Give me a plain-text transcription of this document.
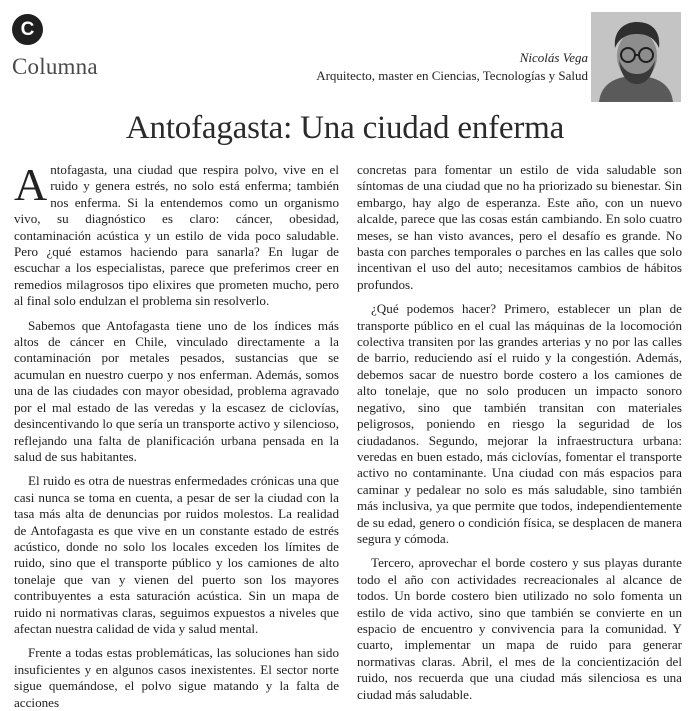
C
Columna	Nicolás Vega
Arquitecto, master en Ciencias, Tecnologías y Salud
Antofagasta: Una ciudad enferma

Antofagasta, una ciudad que respira polvo, vive en el ruido y genera estrés, no solo está enferma; también nos enferma. Si la entendemos como un organismo vivo, su diagnóstico es claro: cáncer, obesidad, contaminación acústica y un estilo de vida poco saludable. Pero ¿qué estamos haciendo para sanarla? En lugar de escuchar a los especialistas, parece que preferimos creer en remedios milagrosos tipo elixires que prometen mucho, pero al final solo endulzan el problema sin resolverlo.

Sabemos que Antofagasta tiene uno de los índices más altos de cáncer en Chile, vinculado directamente a la contaminación por metales pesados, sustancias que se acumulan en nuestro cuerpo y nos enferman. Además, somos una de las ciudades con mayor obesidad, problema agravado por el mal estado de las veredas y la escasez de ciclovías, desincentivando lo que sería un transporte activo y silencioso, reflejando una falta de planificación urbana pensada en la salud de sus habitantes.

El ruido es otra de nuestras enfermedades crónicas una que casi nunca se toma en cuenta, a pesar de ser la ciudad con la tasa más alta de denuncias por ruidos molestos. La realidad de Antofagasta es que vive en un constante estado de estrés acústico, donde no solo los locales exceden los límites de ruido, sino que el transporte público y los camiones de alto tonelaje que van y vienen del puerto son los mayores contribuyentes a esta saturación acústica. Sin un mapa de ruido ni normativas claras, seguimos expuestos a niveles que afectan nuestra calidad de vida y salud mental.

Frente a todas estas problemáticas, las soluciones han sido insuficientes y en algunos casos inexistentes. El sector norte sigue quemándose, el polvo sigue matando y la falta de acciones

concretas para fomentar un estilo de vida saludable son síntomas de una ciudad que no ha priorizado su bienestar. Sin embargo, hay algo de esperanza. Este año, con un nuevo alcalde, parece que las cosas están cambiando. En solo cuatro meses, se han visto avances, pero el desafío es grande. No basta con parches temporales o parches en las calles que solo incentivan el uso del auto; necesitamos cambios de hábitos profundos.

¿Qué podemos hacer? Primero, establecer un plan de transporte público en el cual las máquinas de la locomoción colectiva transiten por las grandes arterias y no por las calles de barrio, reduciendo así el ruido y la congestión. Además, debemos sacar de nuestro borde costero a los camiones de alto tonelaje, que no solo producen un impacto sonoro negativo, sino que también transitan con materiales peligrosos, poniendo en riesgo la seguridad de los ciudadanos. Segundo, mejorar la infraestructura urbana: veredas en buen estado, más ciclovías, fomentar el transporte activo no contaminante. Una ciudad con más espacios para caminar y pedalear no solo es más saludable, sino también más inclusiva, ya que permite que todos, independientemente de su edad, genero o condición física, se desplacen de manera segura y cómoda.

Tercero, aprovechar el borde costero y sus playas durante todo el año con actividades recreacionales al alcance de todos. Un borde costero bien utilizado no solo fomenta un estilo de vida activo, sino que también se convierte en un espacio de encuentro y convivencia para la comunidad. Y cuarto, implementar un mapa de ruido para generar normativas claras. Abril, el mes de la concientización del ruido, nos recuerda que una ciudad más silenciosa es una ciudad más saludable.
